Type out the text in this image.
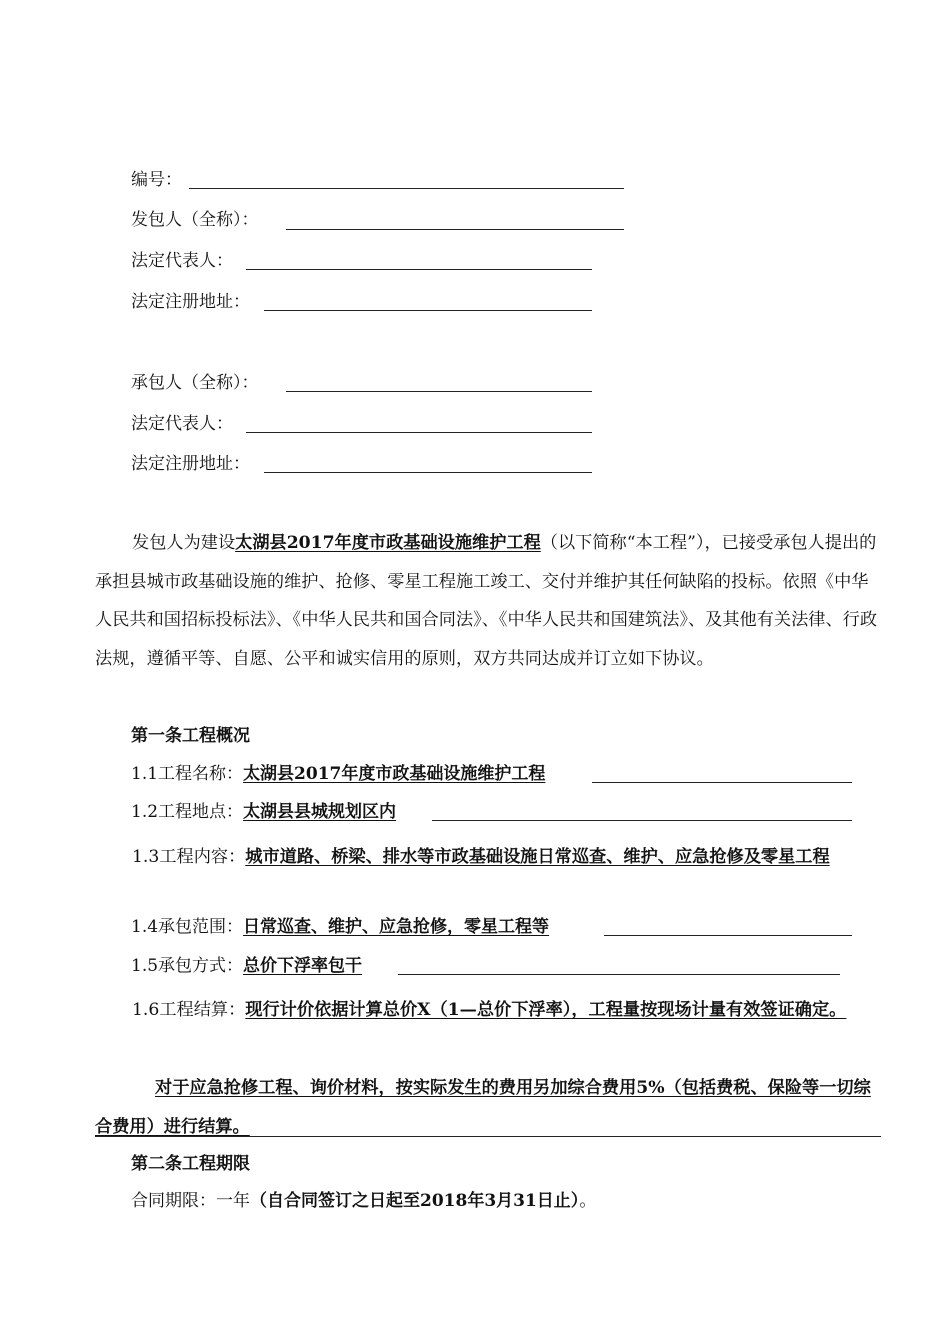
编号：
发包人（全称）：
法定代表人：
法定注册地址：
承包人（全称）：
法定代表人：
法定注册地址：
发包人为建设太湖县2017年度市政基础设施维护工程（以下简称“本工程”），已接受承包人提出的承担县城市政基础设施的维护、抢修、零星工程施工竣工、交付并维护其任何缺陷的投标。依照《中华人民共和国招标投标法》、《中华人民共和国合同法》、《中华人民共和国建筑法》、及其他有关法律、行政法规，遵循平等、自愿、公平和诚实信用的原则，双方共同达成并订立如下协议。
第一条工程概况
1.1工程名称：太湖县2017年度市政基础设施维护工程
1.2工程地点：太湖县县城规划区内
1.3工程内容：城市道路、桥梁、排水等市政基础设施日常巡查、维护、应急抢修及零星工程
1.4承包范围：日常巡查、维护、应急抢修，零星工程等
1.5承包方式：总价下浮率包干
1.6工程结算：现行计价依据计算总价X（1—总价下浮率），工程量按现场计量有效签证确定。
对于应急抢修工程、询价材料，按实际发生的费用另加综合费用5%（包括费税、保险等一切综合费用）进行结算。
第二条工程期限
合同期限：一年（自合同签订之日起至2018年3月31日止）。
